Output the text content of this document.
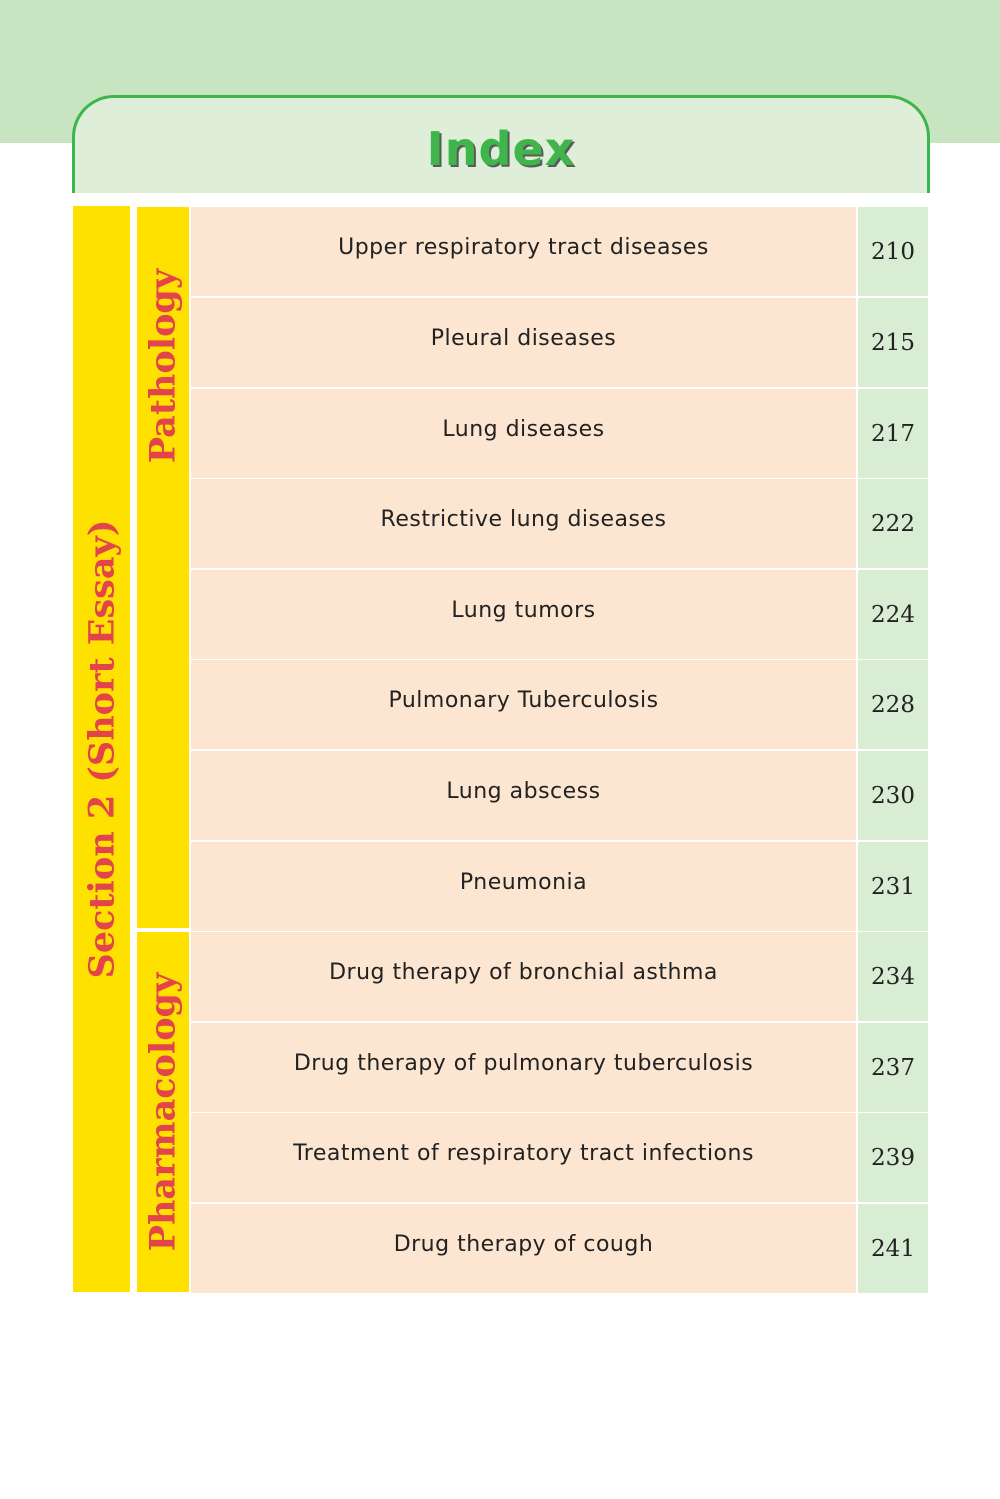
Index
Section 2 (Short Essay)
Pathology
Pharmacology
Upper respiratory tract diseases	210
Pleural diseases	215
Lung diseases	217
Restrictive lung diseases	222
Lung tumors	224
Pulmonary Tuberculosis	228
Lung abscess	230
Pneumonia	231
Drug therapy of bronchial asthma	234
Drug therapy of pulmonary tuberculosis	237
Treatment of respiratory tract infections	239
Drug therapy of cough	241
